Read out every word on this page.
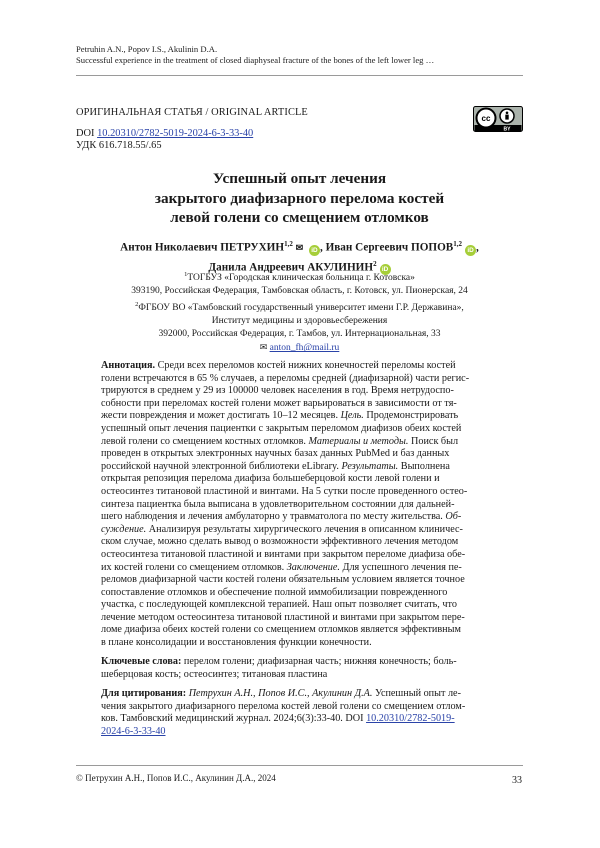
Petruhin A.N., Popov I.S., Akulinin D.A.
Successful experience in the treatment of closed diaphyseal fracture of the bones of the left lower leg …
ОРИГИНАЛЬНАЯ СТАТЬЯ / ORIGINAL ARTICLE
cc
BY
DOI 10.20310/2782-5019-2024-6-3-33-40
УДК 616.718.55/.65
Успешный опыт лечения
закрытого диафизарного перелома костей
левой голени со смещением отломков
Антон Николаевич ПЕТРУХИН$^{1,2}$ ✉ iD , Иван Сергеевич ПОПОВ$^{1,2}$iD ,
Данила Андреевич АКУЛИНИН$^2$iD
$^1$ТОГБУЗ «Городская клиническая больница г. Котовска»
393190, Российская Федерация, Тамбовская область, г. Котовск, ул. Пионерская, 24
$^2$ФГБОУ ВО «Тамбовский государственный университет имени Г.Р. Державина»,
Институт медицины и здоровьесбережения
392000, Российская Федерация, г. Тамбов, ул. Интернациональная, 33
✉ anton_fh@mail.ru
Аннотация. Среди всех переломов костей нижних конечностей переломы костей
голени встречаются в 65 % случаев, а переломы средней (диафизарной) части регис-
трируются в среднем у 29 из 100000 человек населения в год. Время нетрудоспо-
собности при переломах костей голени может варьироваться в зависимости от тя-
жести повреждения и может достигать 10–12 месяцев. Цель. Продемонстрировать
успешный опыт лечения пациентки с закрытым переломом диафизов обеих костей
левой голени со смещением костных отломков. Материалы и методы. Поиск был
проведен в открытых электронных научных базах данных PubMed и баз данных
российской научной электронной библиотеки eLibrary. Результаты. Выполнена
открытая репозиция перелома диафиза большеберцовой кости левой голени и
остеосинтез титановой пластиной и винтами. На 5 сутки после проведенного остео-
синтеза пациентка была выписана в удовлетворительном состоянии для дальней-
шего наблюдения и лечения амбулаторно у травматолога по месту жительства. Об-
суждение. Анализируя результаты хирургического лечения в описанном клиничес-
ском случае, можно сделать вывод о возможности эффективного лечения методом
остеосинтеза титановой пластиной и винтами при закрытом переломе диафиза обе-
их костей голени со смещением отломков. Заключение. Для успешного лечения пе-
реломов диафизарной части костей голени обязательным условием является точное
сопоставление отломков и обеспечение полной иммобилизации поврежденного
участка, с последующей комплексной терапией. Наш опыт позволяет считать, что
лечение методом остеосинтеза титановой пластиной и винтами при закрытом пере-
ломе диафиза обеих костей голени со смещением отломков является эффективным
в плане консолидации и восстановления функции конечности.
Ключевые слова: перелом голени; диафизарная часть; нижняя конечность; боль-
шеберцовая кость; остеосинтез; титановая пластина
Для цитирования: Петрухин А.Н., Попов И.С., Акулинин Д.А. Успешный опыт ле-
чения закрытого диафизарного перелома костей левой голени со смещением отлом-
ков. Тамбовский медицинский журнал. 2024;6(3):33-40. DOI 10.20310/2782-5019-
2024-6-3-33-40
© Петрухин А.Н., Попов И.С., Акулинин Д.А., 2024	33
